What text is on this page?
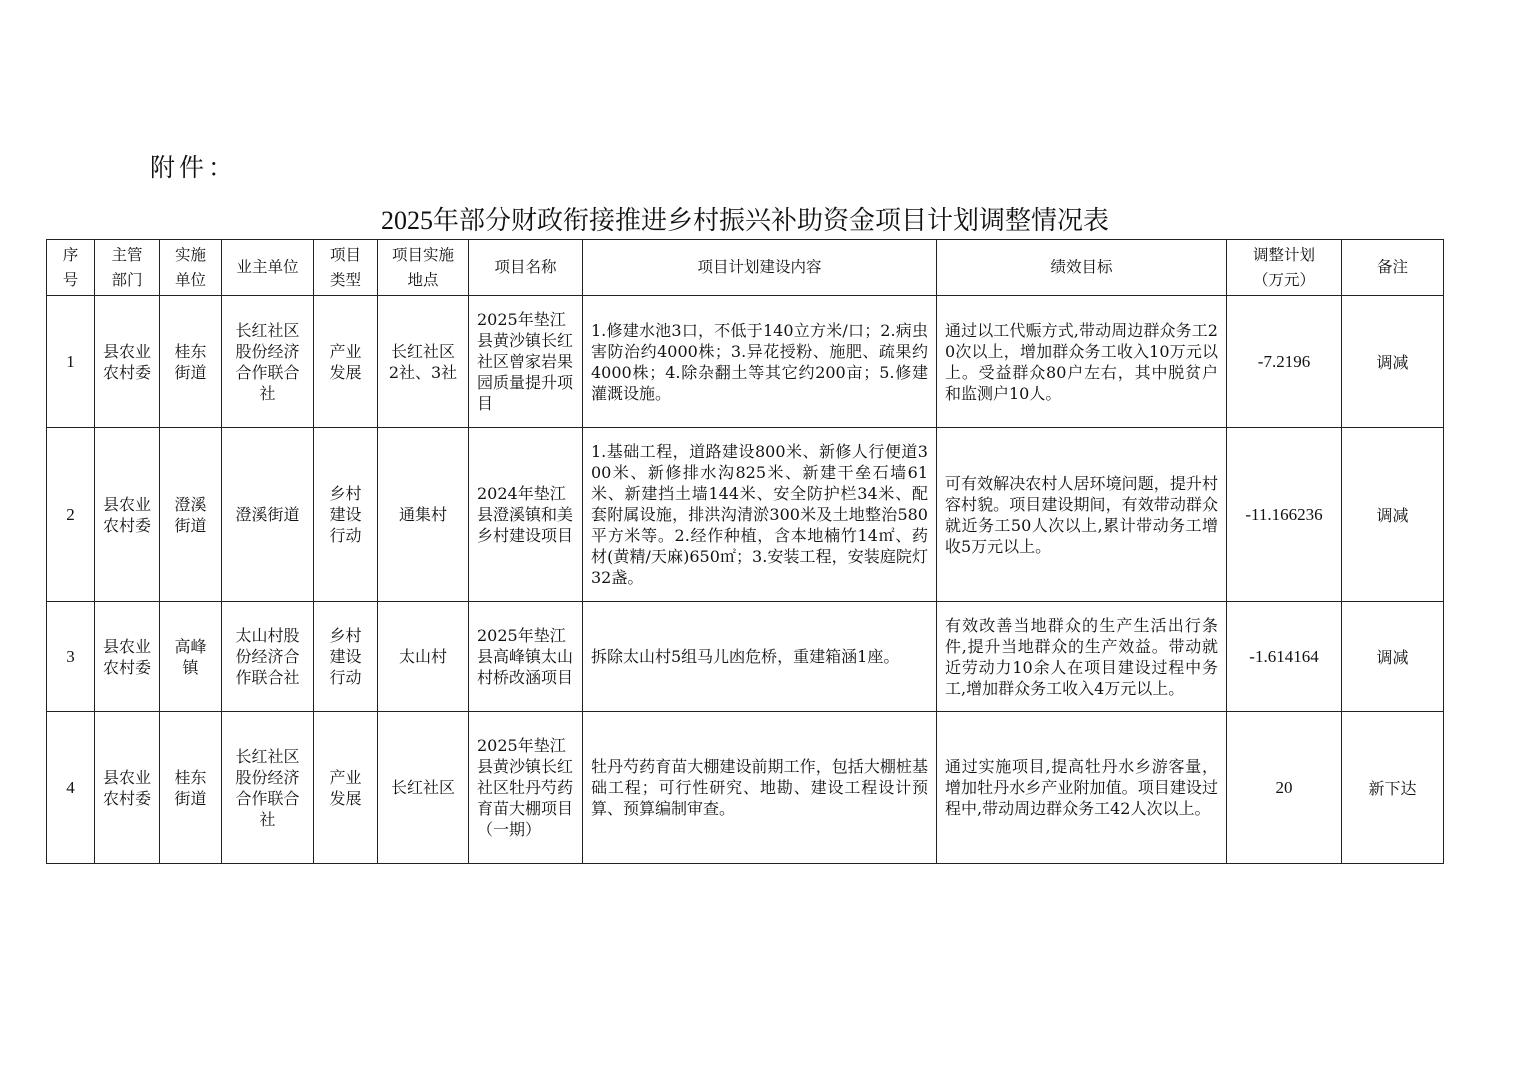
附件：
2025年部分财政衔接推进乡村振兴补助资金项目计划调整情况表
序号	主管部门	实施单位	业主单位	项目类型	项目实施地点	项目名称	项目计划建设内容	绩效目标	调整计划（万元）	备注
1	县农业农村委	桂东街道	长红社区股份经济合作联合社	产业发展	长红社区2社、3社	2025年垫江县黄沙镇长红社区曾家岩果园质量提升项目	1.修建水池3口，不低于140立方米/口；2.病虫害防治约4000株；3.异花授粉、施肥、疏果约4000株；4.除杂翻土等其它约200亩；5.修建灌溉设施。	通过以工代赈方式,带动周边群众务工20次以上，增加群众务工收入10万元以上。受益群众80户左右，其中脱贫户和监测户10人。	-7.2196	调减
2	县农业农村委	澄溪街道	澄溪街道	乡村建设行动	通集村	2024年垫江县澄溪镇和美乡村建设项目	1.基础工程，道路建设800米、新修人行便道300米、新修排水沟825米、新建干垒石墙61米、新建挡土墙144米、安全防护栏34米、配套附属设施，排洪沟清淤300米及土地整治580平方米等。2.经作种植，含本地楠竹14㎡、药材(黄精/天麻)650㎡；3.安装工程，安装庭院灯32盏。	可有效解决农村人居环境问题，提升村容村貌。项目建设期间，有效带动群众就近务工50人次以上,累计带动务工增收5万元以上。	-11.166236	调减
3	县农业农村委	高峰镇	太山村股份经济合作联合社	乡村建设行动	太山村	2025年垫江县高峰镇太山村桥改涵项目	拆除太山村5组马儿凼危桥，重建箱涵1座。	有效改善当地群众的生产生活出行条件,提升当地群众的生产效益。带动就近劳动力10余人在项目建设过程中务工,增加群众务工收入4万元以上。	-1.614164	调减
4	县农业农村委	桂东街道	长红社区股份经济合作联合社	产业发展	长红社区	2025年垫江县黄沙镇长红社区牡丹芍药育苗大棚项目（一期）	牡丹芍药育苗大棚建设前期工作，包括大棚桩基础工程；可行性研究、地勘、建设工程设计预算、预算编制审查。	通过实施项目,提高牡丹水乡游客量，增加牡丹水乡产业附加值。项目建设过程中,带动周边群众务工42人次以上。	20	新下达
